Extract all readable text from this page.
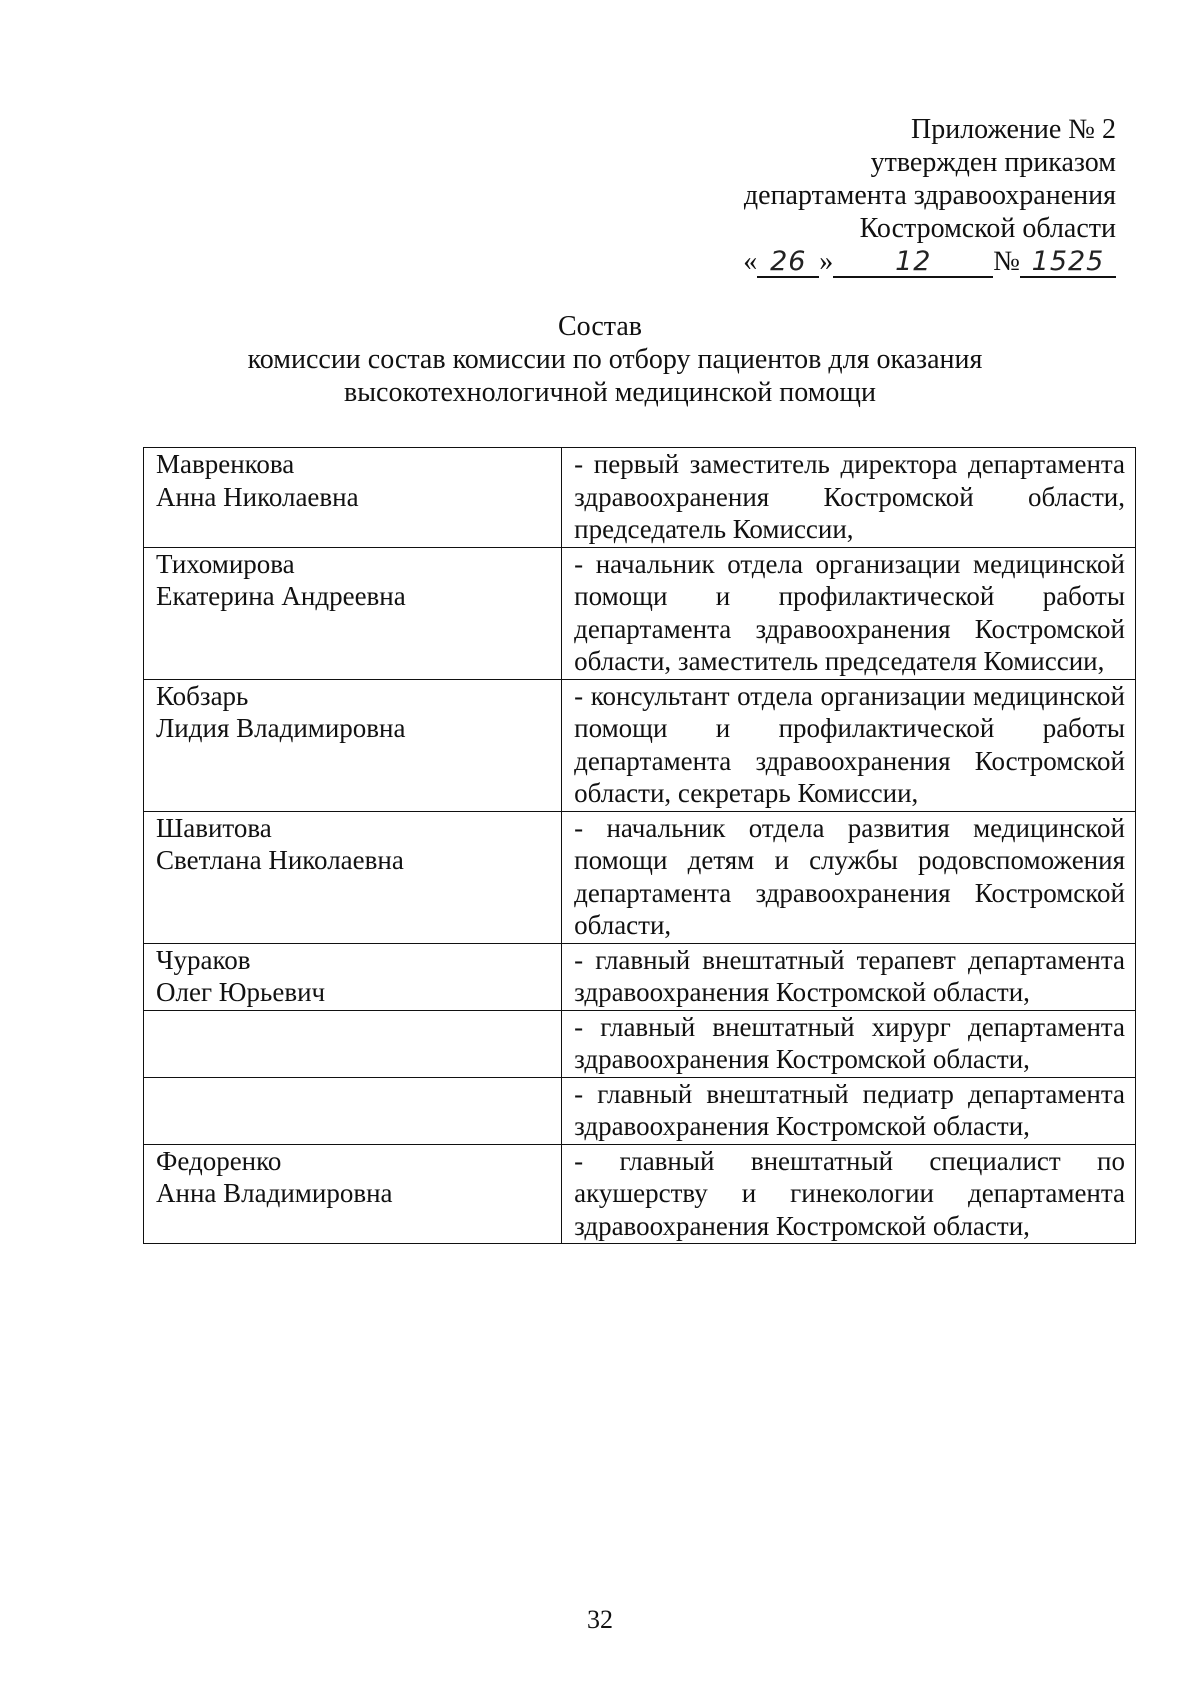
Приложение № 2
утвержден приказом
департамента здравоохранения
Костромской области
« 26 » 12 № 1525
Состав
комиссии состав комиссии по отбору пациентов для оказания
высокотехнологичной медицинской помощи
Мавренкова
Анна Николаевна	- первый заместитель директора департамента здравоохранения Костромской области, председатель Комиссии,

Тихомирова
Екатерина Андреевна	- начальник отдела организации медицинской помощи и профилактической работы департамента здравоохранения Костромской области, заместитель председателя Комиссии,

Кобзарь
Лидия Владимировна	- консультант отдела организации медицинской помощи и профилактической работы департамента здравоохранения Костромской области, секретарь Комиссии,

Шавитова
Светлана Николаевна	- начальник отдела развития медицинской помощи детям и службы родовспоможения департамента здравоохранения Костромской области,

Чураков
Олег Юрьевич	- главный внештатный терапевт департамента здравоохранения Костромской области,

	- главный внештатный хирург департамента здравоохранения Костромской области,

	- главный внештатный педиатр департамента здравоохранения Костромской области,

Федоренко
Анна Владимировна	- главный внештатный специалист по акушерству и гинекологии департамента здравоохранения Костромской области,
32
